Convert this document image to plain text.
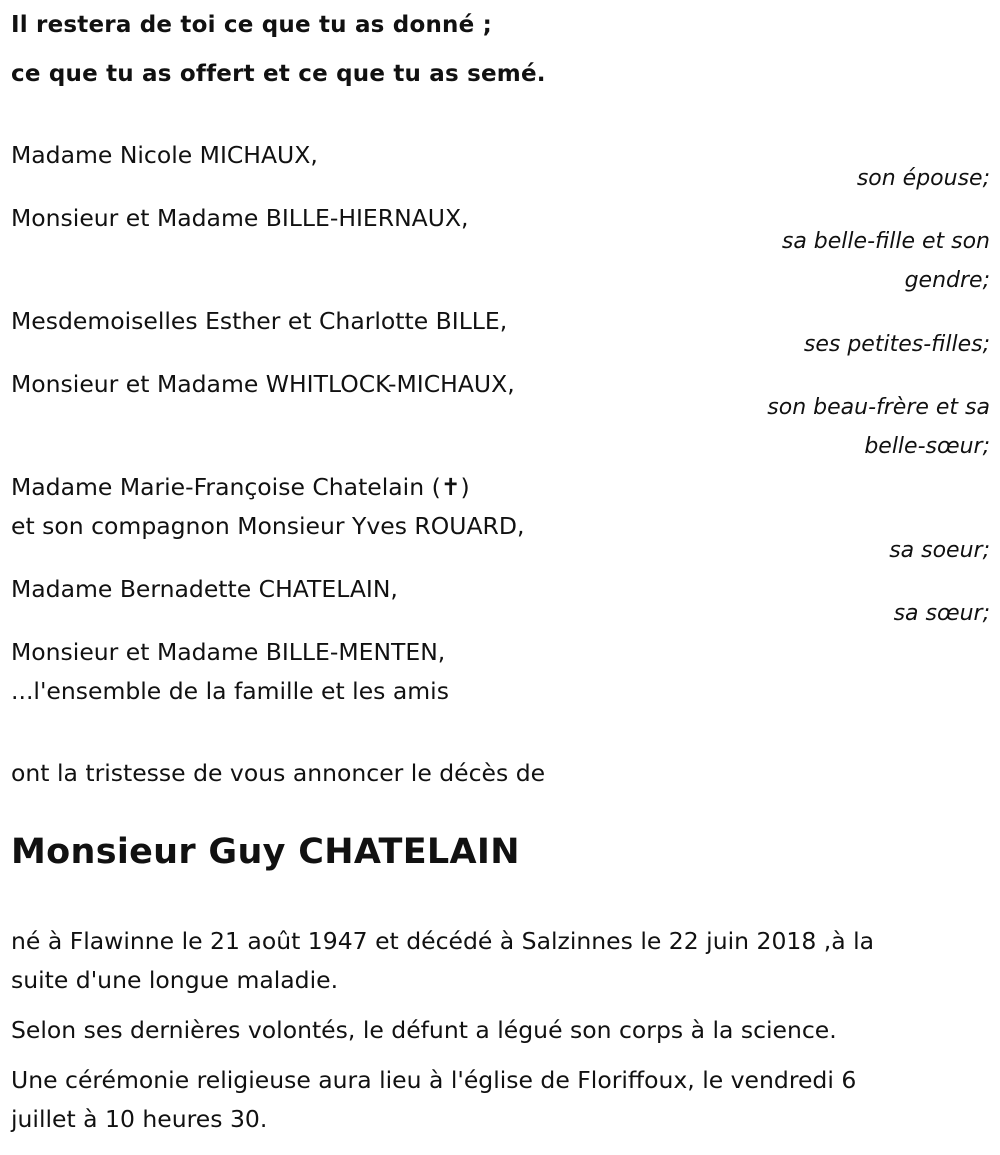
Il restera de toi ce que tu as donné ;
ce que tu as offert et ce que tu as semé.
Madame Nicole MICHAUX,
son épouse;
Monsieur et Madame BILLE-HIERNAUX,
sa belle-fille et son
gendre;
Mesdemoiselles Esther et Charlotte BILLE,
ses petites-filles;
Monsieur et Madame WHITLOCK-MICHAUX,
son beau-frère et sa
belle-sœur;
Madame Marie-Françoise Chatelain (✝)
et son compagnon Monsieur Yves ROUARD,
sa soeur;
Madame Bernadette CHATELAIN,
sa sœur;
Monsieur et Madame BILLE-MENTEN,
...l'ensemble de la famille et les amis
ont la tristesse de vous annoncer le décès de
Monsieur Guy CHATELAIN
né à Flawinne le 21 août 1947 et décédé à Salzinnes le 22 juin 2018 ,à la
suite d'une longue maladie.
Selon ses dernières volontés, le défunt a légué son corps à la science.
Une cérémonie religieuse aura lieu à l'église de Floriffoux, le vendredi 6
juillet à 10 heures 30.
